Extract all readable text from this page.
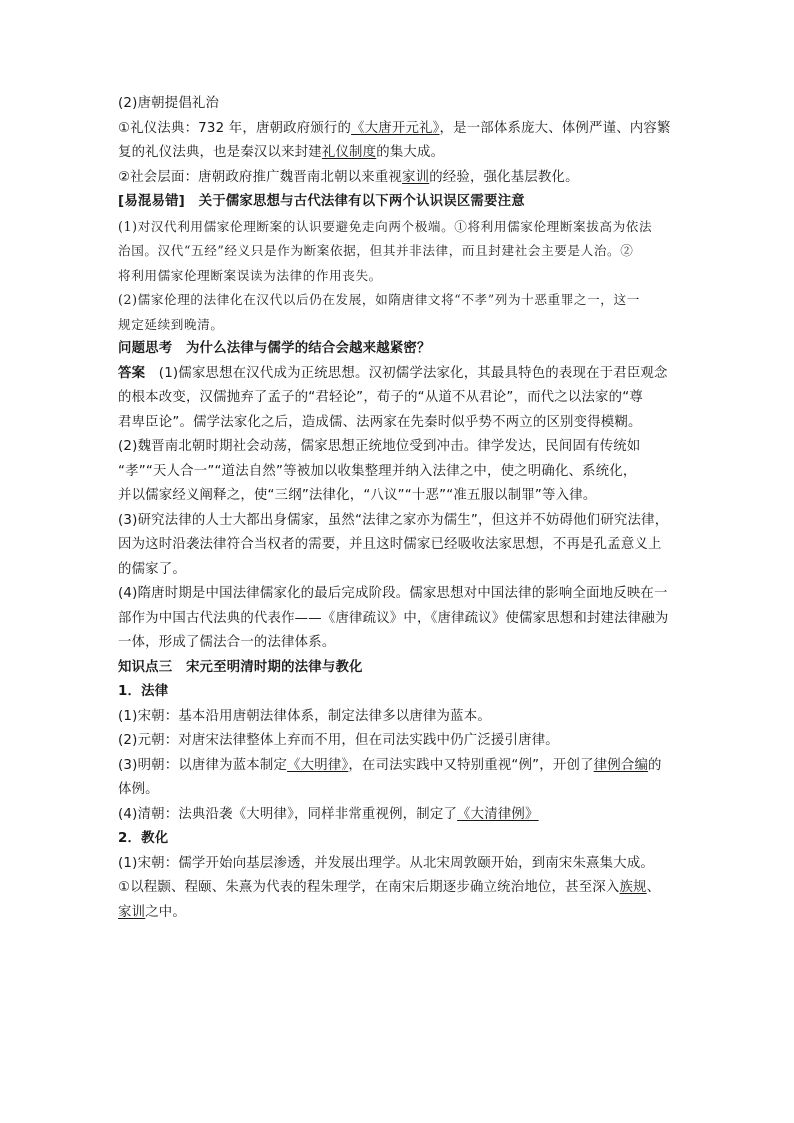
(2)唐朝提倡礼治

①礼仪法典：732 年，唐朝政府颁行的《大唐开元礼》，是一部体系庞大、体例严谨、内容繁

复的礼仪法典，也是秦汉以来封建礼仪制度的集大成。

②社会层面：唐朝政府推广魏晋南北朝以来重视家训的经验，强化基层教化。

[易混易错]　 关于儒家思想与古代法律有以下两个认识误区需要注意

(1)对汉代利用儒家伦理断案的认识要避免走向两个极端。①将利用儒家伦理断案拔高为依法

治国。汉代“五经”经义只是作为断案依据，但其并非法律，而且封建社会主要是人治。②

将利用儒家伦理断案误读为法律的作用丧失。

(2)儒家伦理的法律化在汉代以后仍在发展，如隋唐律文将“不孝”列为十恶重罪之一，这一

规定延续到晚清。

问题思考　 为什么法律与儒学的结合会越来越紧密？

答案　 (1)儒家思想在汉代成为正统思想。汉初儒学法家化，其最具特色的表现在于君臣观念

的根本改变，汉儒抛弃了孟子的“君轻论”，荀子的“从道不从君论”，而代之以法家的“尊

君卑臣论”。儒学法家化之后，造成儒、法两家在先秦时似乎势不两立的区别变得模糊。

(2)魏晋南北朝时期社会动荡，儒家思想正统地位受到冲击。律学发达，民间固有传统如

“孝”“天人合一”“道法自然”等被加以收集整理并纳入法律之中，使之明确化、系统化，

并以儒家经义阐释之，使“三纲”法律化，“八议”“十恶”“准五服以制罪”等入律。

(3)研究法律的人士大都出身儒家，虽然“法律之家亦为儒生”，但这并不妨碍他们研究法律，

因为这时沿袭法律符合当权者的需要，并且这时儒家已经吸收法家思想，不再是孔孟意义上

的儒家了。

(4)隋唐时期是中国法律儒家化的最后完成阶段。儒家思想对中国法律的影响全面地反映在一

部作为中国古代法典的代表作——《唐律疏议》中，《唐律疏议》使儒家思想和封建法律融为

一体，形成了儒法合一的法律体系。

知识点三　宋元至明清时期的法律与教化

1．法律

(1)宋朝：基本沿用唐朝法律体系，制定法律多以唐律为蓝本。

(2)元朝：对唐宋法律整体上弃而不用，但在司法实践中仍广泛援引唐律。

(3)明朝：以唐律为蓝本制定《大明律》，在司法实践中又特别重视“例”，开创了律例合编的

体例。

(4)清朝：法典沿袭《大明律》，同样非常重视例，制定了《大清律例》

2．教化

(1)宋朝：儒学开始向基层渗透，并发展出理学。从北宋周敦颐开始，到南宋朱熹集大成。

①以程颢、程颐、朱熹为代表的程朱理学，在南宋后期逐步确立统治地位，甚至深入族规、

家训之中。
